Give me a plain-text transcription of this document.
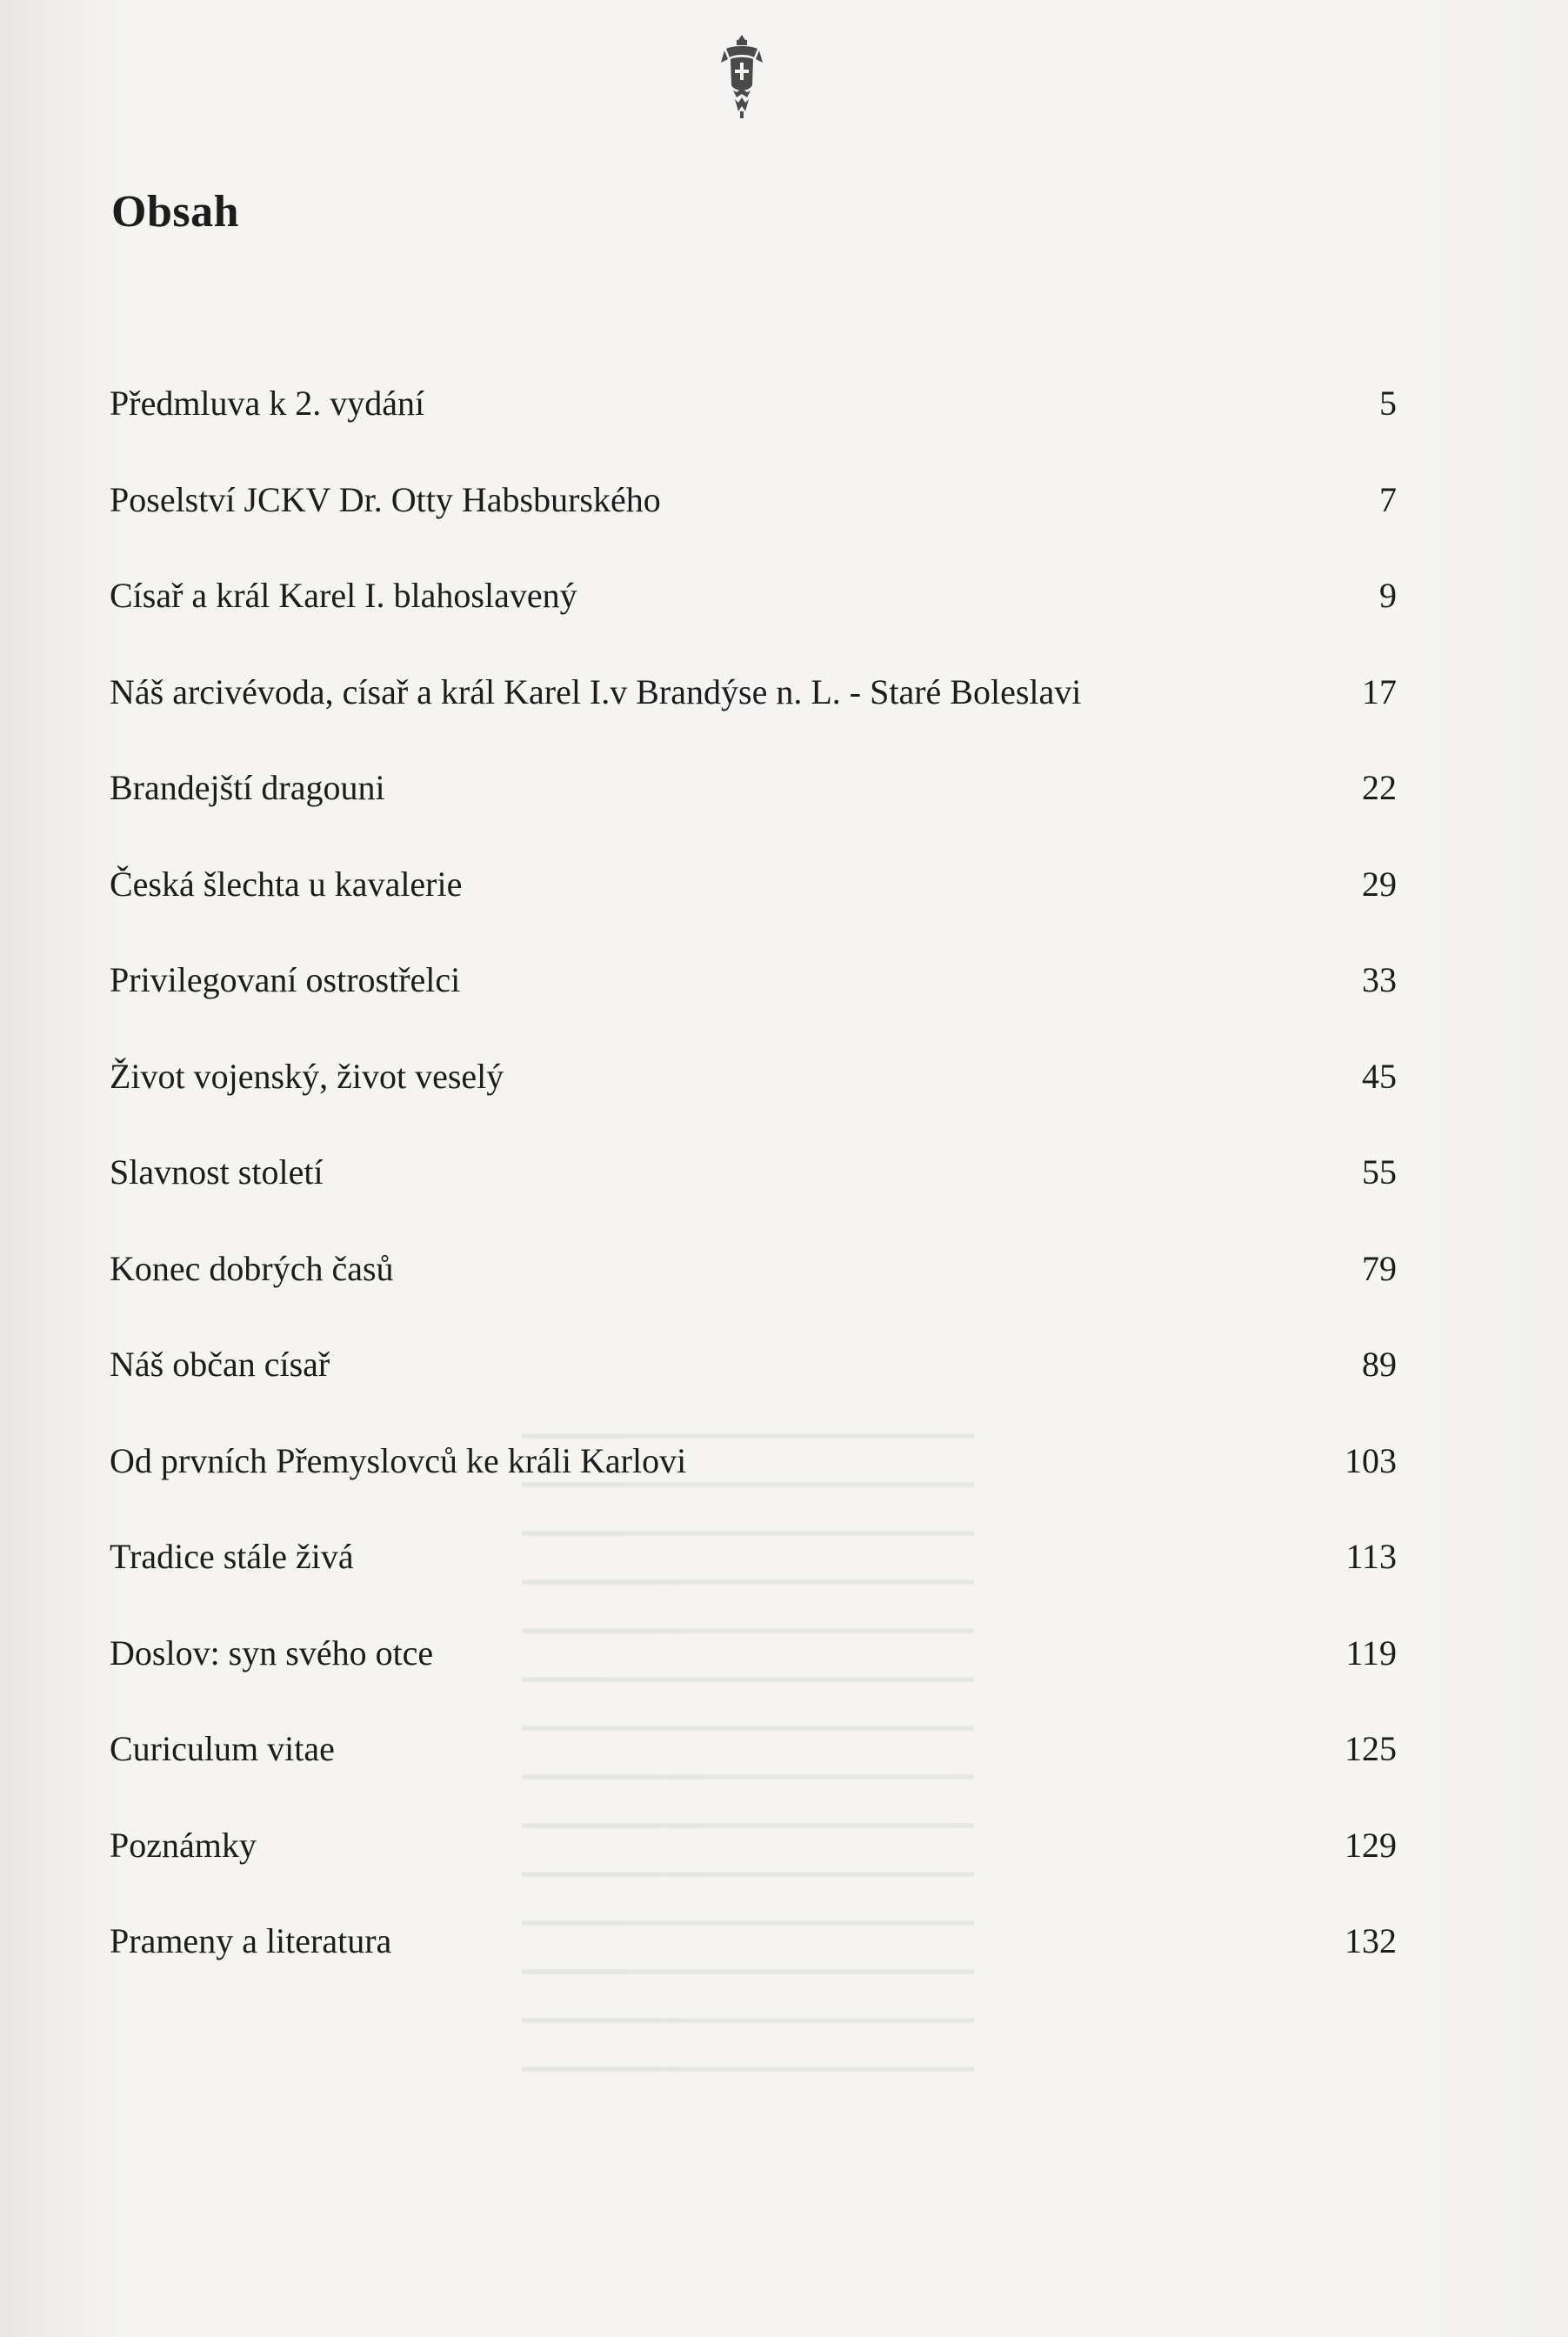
Obsah
Předmluva k 2. vydání	5
Poselství JCKV Dr. Otty Habsburského	7
Císař a král Karel I. blahoslavený	9
Náš arcivévoda, císař a král Karel I.v Brandýse n. L. - Staré Boleslavi	17
Brandejští dragouni	22
Česká šlechta u kavalerie	29
Privilegovaní ostrostřelci	33
Život vojenský, život veselý	45
Slavnost století	55
Konec dobrých časů	79
Náš občan císař	89
Od prvních Přemyslovců ke králi Karlovi	103
Tradice stále živá	113
Doslov: syn svého otce	119
Curiculum vitae	125
Poznámky	129
Prameny a literatura	132
